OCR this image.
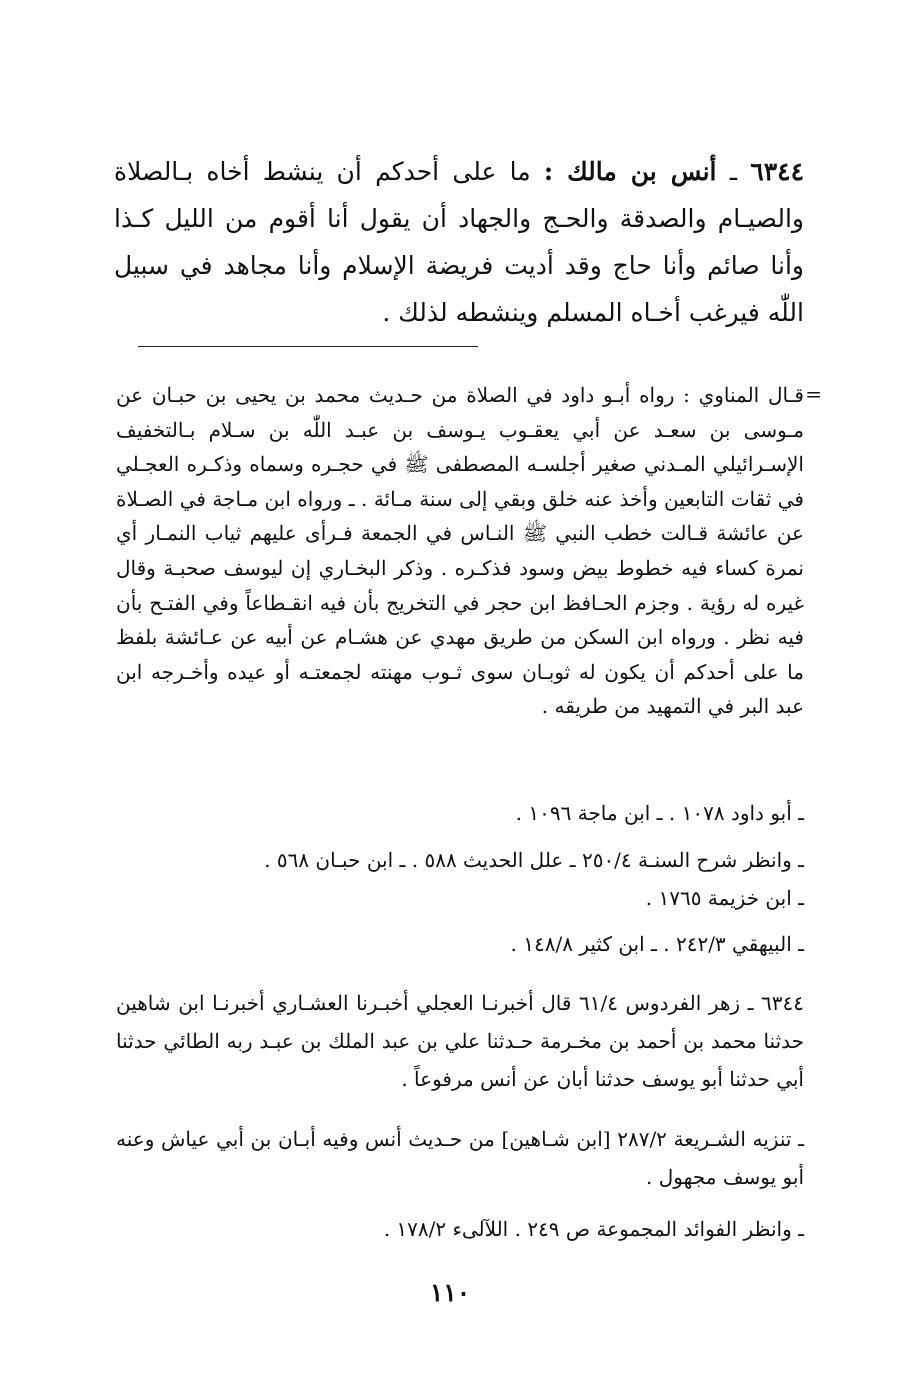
٦٣٤٤ ـ أنس بن مالك : ما على أحدكم أن ينشط أخاه بـالصلاة والصيـام والصدقة والحـج والجهاد أن يقول أنا أقوم من الليل كـذا وأنا صائم وأنا حاج وقد أديت فريضة الإسلام وأنا مجاهد في سبيل اللّٰه فيرغب أخـاه المسلم وينشطه لذلك .

=

قـال المناوي : رواه أبـو داود في الصلاة من حـديث محمد بن يحيى بن حبـان عن مـوسى بن سعـد عن أبي يعقـوب يـوسف بن عبـد اللّٰه بن سـلام بـالتخفيف الإسـرائيلي المـدني صغير أجلسـه المصطفى ﷺ في حجـره وسماه وذكـره العجـلي في ثقات التابعين وأخذ عنه خلق وبقي إلى سنة مـائة . ـ ورواه ابن مـاجة في الصـلاة عن عائشة قـالت خطب النبي ﷺ النـاس في الجمعة فـرأى عليهم ثياب النمـار أي نمرة كساء فيه خطوط بيض وسود فذكـره . وذكر البخـاري إن ليوسف صحبـة وقال غيره له رؤية . وجزم الحـافظ ابن حجر في التخريج بأن فيه انقـطاعاً وفي الفتـح بأن فيه نظر . ورواه ابن السكن من طريق مهدي عن هشـام عن أبيه عن عـائشة بلفظ ما على أحدكم أن يكون له ثوبـان سوى ثـوب مهنته لجمعتـه أو عيده وأخـرجه ابن عبد البر في التمهيد من طريقه .

ـ أبو داود ١٠٧٨ . ـ ابن ماجة ١٠٩٦ .

ـ وانظر شرح السنـة ٢٥٠/٤ ـ علل الحديث ٥٨٨ . ـ ابن حبـان ٥٦٨ .

ـ ابن خزيمة ١٧٦٥ .

ـ البيهقي ٢٤٢/٣ . ـ ابن كثير ١٤٨/٨ .

٦٣٤٤ ـ زهر الفردوس ٦١/٤ قال أخبرنـا العجلي أخبـرنا العشـاري أخبرنـا ابن شاهين حدثنا محمد بن أحمد بن مخـرمة حـدثنا علي بن عبد الملك بن عبـد ربه الطائي حدثنا أبي حدثنا أبو يوسف حدثنا أبان عن أنس مرفوعاً .

ـ تنزيه الشـريعة ٢٨٧/٢ [ابن شـاهين] من حـديث أنس وفيه أبـان بن أبي عياش وعنه أبو يوسف مجهول .

ـ وانظر الفوائد المجموعة ص ٢٤٩ . اللآلىء ١٧٨/٢ .

١١٠
